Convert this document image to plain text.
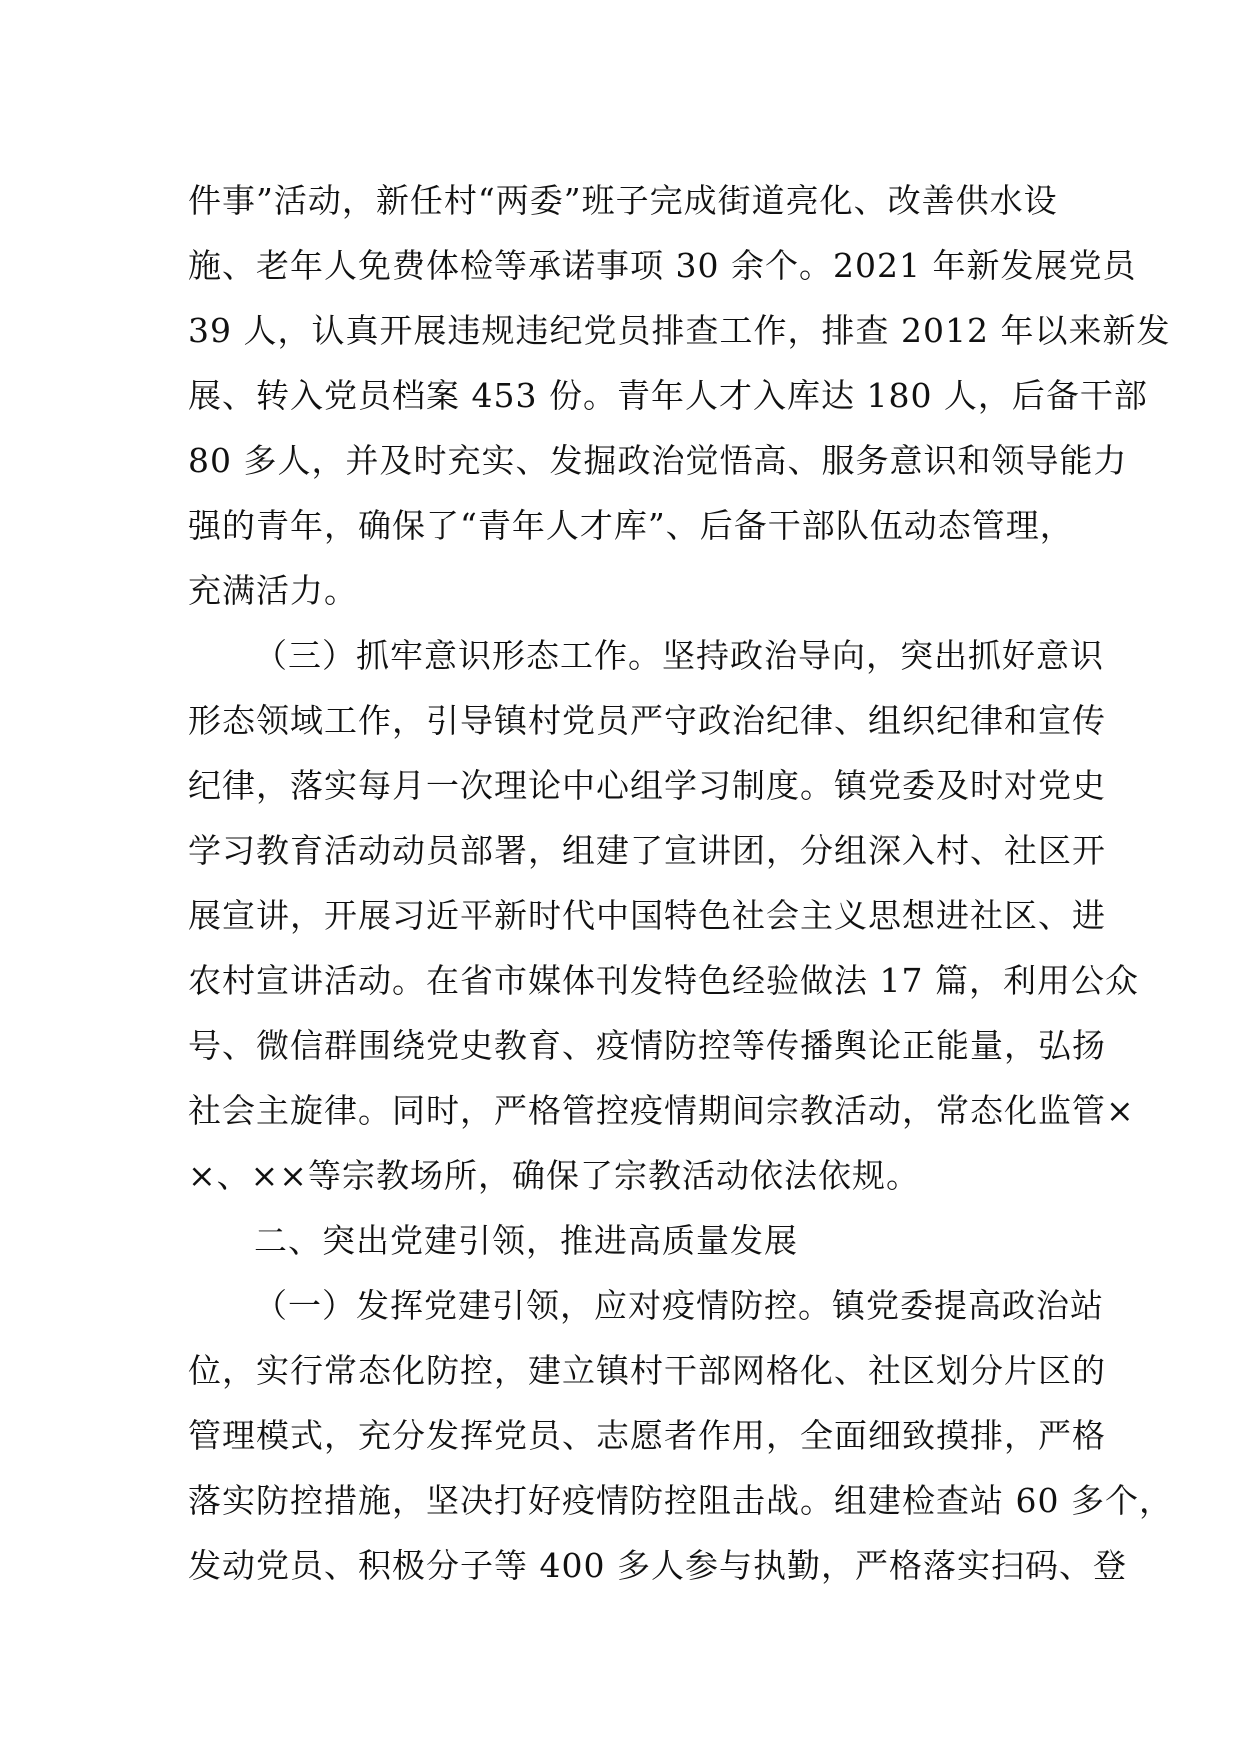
件事”活动，新任村“两委”班子完成街道亮化、改善供水设
施、老年人免费体检等承诺事项 30 余个。2021 年新发展党员
39 人，认真开展违规违纪党员排查工作，排查 2012 年以来新发
展、转入党员档案 453 份。青年人才入库达 180 人，后备干部
80 多人，并及时充实、发掘政治觉悟高、服务意识和领导能力
强的青年，确保了“青年人才库”、后备干部队伍动态管理，
充满活力。
（三）抓牢意识形态工作。坚持政治导向，突出抓好意识
形态领域工作，引导镇村党员严守政治纪律、组织纪律和宣传
纪律，落实每月一次理论中心组学习制度。镇党委及时对党史
学习教育活动动员部署，组建了宣讲团，分组深入村、社区开
展宣讲，开展习近平新时代中国特色社会主义思想进社区、进
农村宣讲活动。在省市媒体刊发特色经验做法 17 篇，利用公众
号、微信群围绕党史教育、疫情防控等传播舆论正能量，弘扬
社会主旋律。同时，严格管控疫情期间宗教活动，常态化监管×
×、××等宗教场所，确保了宗教活动依法依规。
二、突出党建引领，推进高质量发展
（一）发挥党建引领，应对疫情防控。镇党委提高政治站
位，实行常态化防控，建立镇村干部网格化、社区划分片区的
管理模式，充分发挥党员、志愿者作用，全面细致摸排，严格
落实防控措施，坚决打好疫情防控阻击战。组建检查站 60 多个，
发动党员、积极分子等 400 多人参与执勤，严格落实扫码、登
